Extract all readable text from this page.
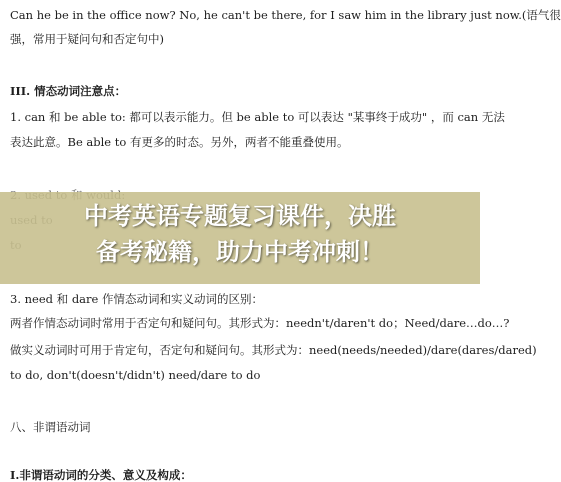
Can he be in the office now? No, he can't be there, for I saw him in the library just now.(语气很
强，常用于疑问句和否定句中)
III. 情态动词注意点：
1. can 和 be able to: 都可以表示能力。但 be able to 可以表达 "某事终于成功" ，而 can 无法
表达此意。Be able to 有更多的时态。另外，两者不能重叠使用。
3. need 和 dare 作情态动词和实义动词的区别：
两者作情态动词时常用于否定句和疑问句。其形式为：needn't/daren't do；Need/dare…do…?
做实义动词时可用于肯定句，否定句和疑问句。其形式为：need(needs/needed)/dare(dares/dared)
to do, don't(doesn't/didn't) need/dare to do
八、非谓语动词
I.非谓语动词的分类、意义及构成：
中考英语专题复习课件，决胜
备考秘籍，助力中考冲刺！
